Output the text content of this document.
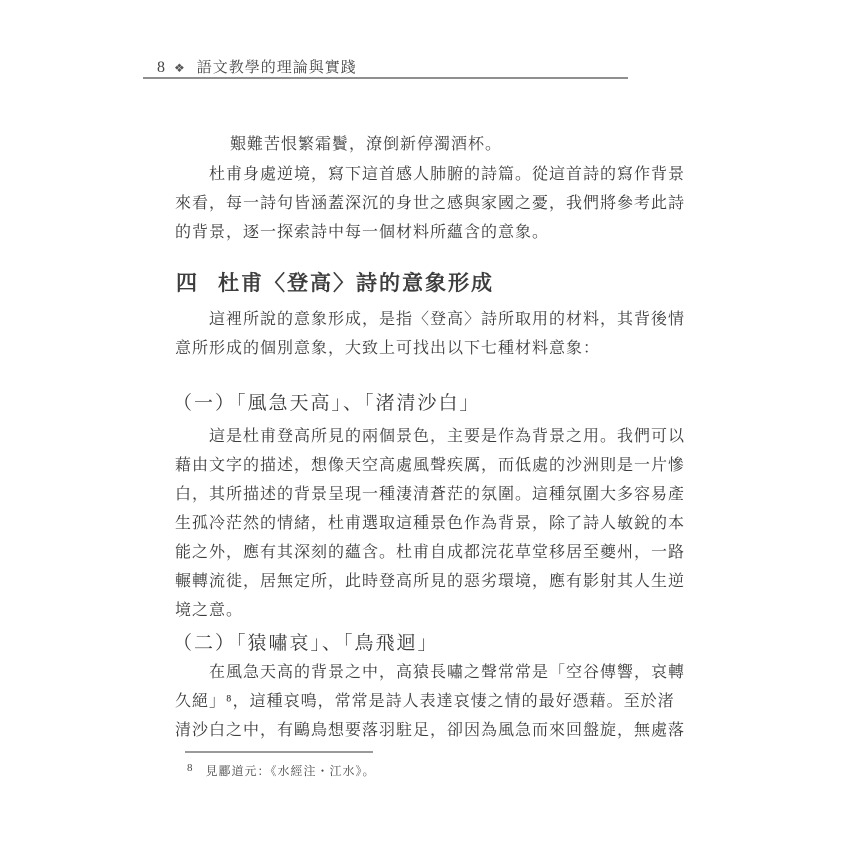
8 ❖ 語文教學的理論與實踐
艱難苦恨繁霜鬢，潦倒新停濁酒杯。
杜甫身處逆境，寫下這首感人肺腑的詩篇。從這首詩的寫作背景
來看，每一詩句皆涵蓋深沉的身世之感與家國之憂，我們將參考此詩
的背景，逐一探索詩中每一個材料所蘊含的意象。
四 杜甫〈登高〉詩的意象形成
這裡所說的意象形成，是指〈登高〉詩所取用的材料，其背後情
意所形成的個別意象，大致上可找出以下七種材料意象：
（一）「風急天高」、「渚清沙白」
這是杜甫登高所見的兩個景色，主要是作為背景之用。我們可以
藉由文字的描述，想像天空高處風聲疾厲，而低處的沙洲則是一片慘
白，其所描述的背景呈現一種淒清蒼茫的氛圍。這種氛圍大多容易產
生孤冷茫然的情緒，杜甫選取這種景色作為背景，除了詩人敏銳的本
能之外，應有其深刻的蘊含。杜甫自成都浣花草堂移居至夔州，一路
輾轉流徙，居無定所，此時登高所見的惡劣環境，應有影射其人生逆
境之意。
（二）「猿嘯哀」、「鳥飛迴」
在風急天高的背景之中，高猿長嘯之聲常常是「空谷傳響，哀轉
久絕」⁸，這種哀鳴，常常是詩人表達哀悽之情的最好憑藉。至於渚
清沙白之中，有鷗鳥想要落羽駐足，卻因為風急而來回盤旋，無處落
8 見酈道元：《水經注・江水》。
